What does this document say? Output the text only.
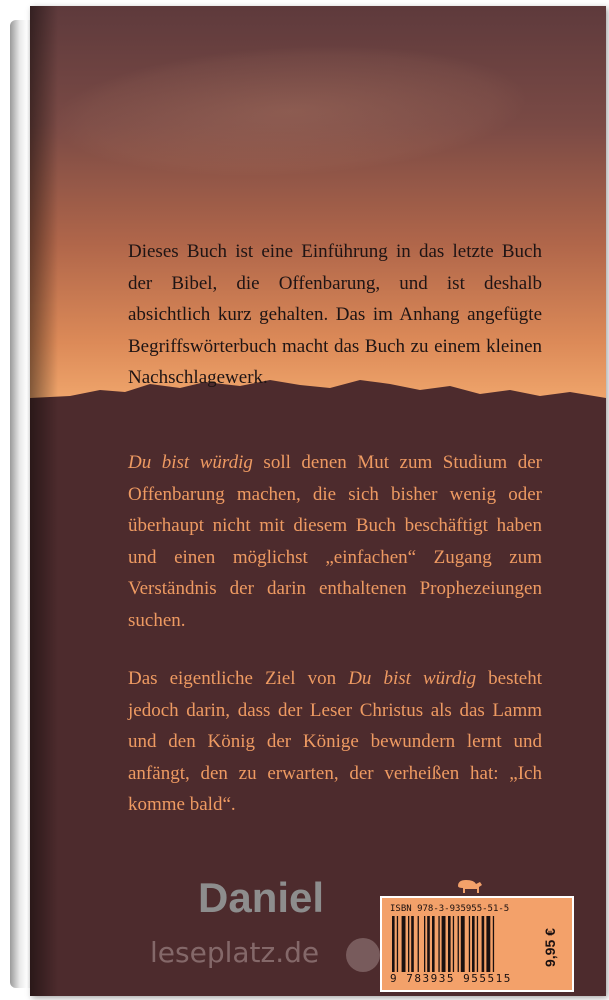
Dieses Buch ist eine Einführung in das letzte Buch der Bibel, die Offenbarung, und ist deshalb absichtlich kurz gehalten. Das im Anhang angefügte Begriffswörterbuch macht das Buch zu einem kleinen Nachschlagewerk.

Du bist würdig soll denen Mut zum Studium der Offenbarung machen, die sich bisher wenig oder überhaupt nicht mit diesem Buch beschäftigt haben und einen möglichst „einfachen“ Zugang zum Verständnis der darin enthaltenen Prophezeiungen suchen.

Das eigentliche Ziel von Du bist würdig besteht jedoch darin, dass der Leser Christus als das Lamm und den König der Könige bewundern lernt und anfängt, den zu erwarten, der verheißen hat: „Ich komme bald“.

Daniel
leseplatz.de
ISBN 978-3-935955-51-5
9 783935 955515
9,95 €
